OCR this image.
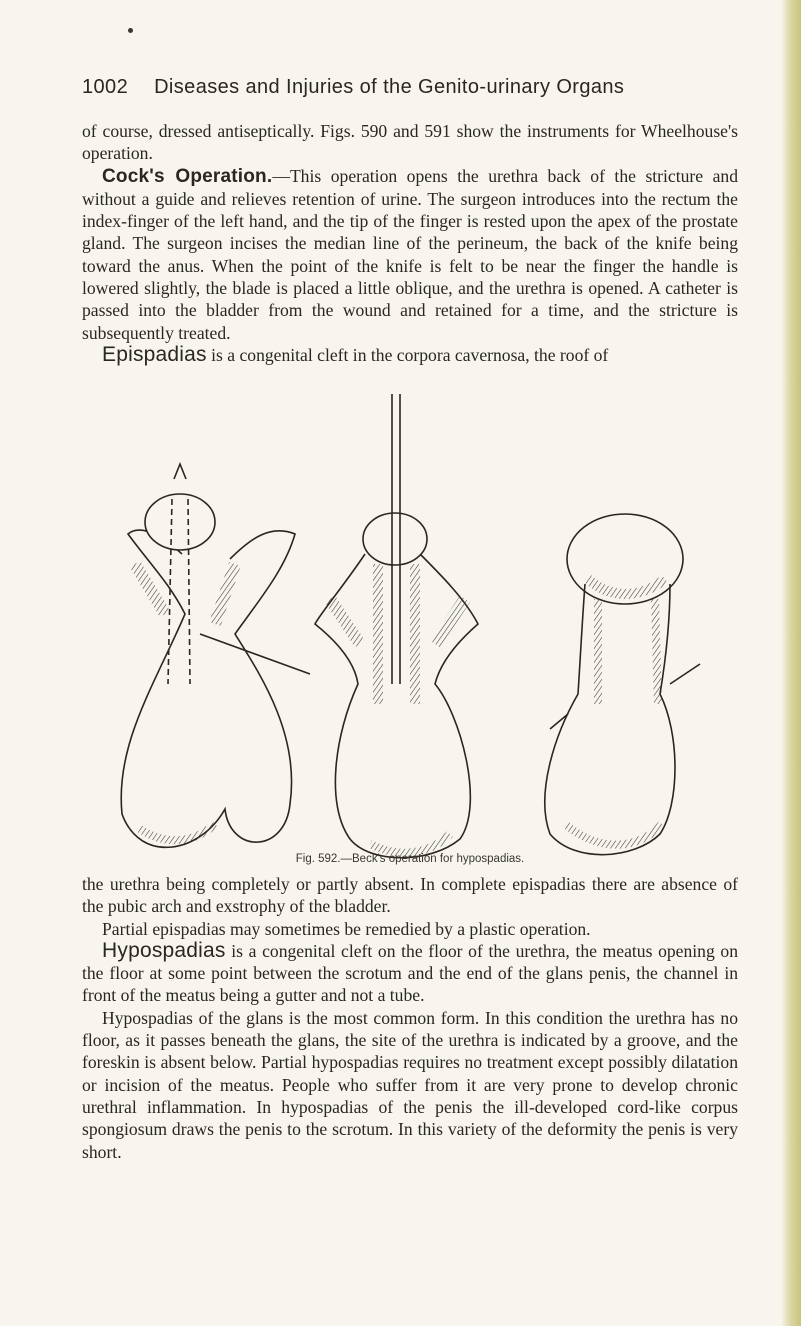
1002 Diseases and Injuries of the Genito-urinary Organs

of course, dressed antiseptically. Figs. 590 and 591 show the instruments for Wheelhouse's operation.

Cock's Operation.—This operation opens the urethra back of the stricture and without a guide and relieves retention of urine. The surgeon introduces into the rectum the index-finger of the left hand, and the tip of the finger is rested upon the apex of the prostate gland. The surgeon incises the median line of the perineum, the back of the knife being toward the anus. When the point of the knife is felt to be near the finger the handle is lowered slightly, the blade is placed a little oblique, and the urethra is opened. A catheter is passed into the bladder from the wound and retained for a time, and the stricture is subsequently treated.

Epispadias is a congenital cleft in the corpora cavernosa, the roof of

Fig. 592.—Beck's operation for hypospadias.

the urethra being completely or partly absent. In complete epispadias there are absence of the pubic arch and exstrophy of the bladder.

Partial epispadias may sometimes be remedied by a plastic operation.

Hypospadias is a congenital cleft on the floor of the urethra, the meatus opening on the floor at some point between the scrotum and the end of the glans penis, the channel in front of the meatus being a gutter and not a tube.

Hypospadias of the glans is the most common form. In this condition the urethra has no floor, as it passes beneath the glans, the site of the urethra is indicated by a groove, and the foreskin is absent below. Partial hypospadias requires no treatment except possibly dilatation or incision of the meatus. People who suffer from it are very prone to develop chronic urethral inflammation. In hypospadias of the penis the ill-developed cord-like corpus spongiosum draws the penis to the scrotum. In this variety of the deformity the penis is very short.
